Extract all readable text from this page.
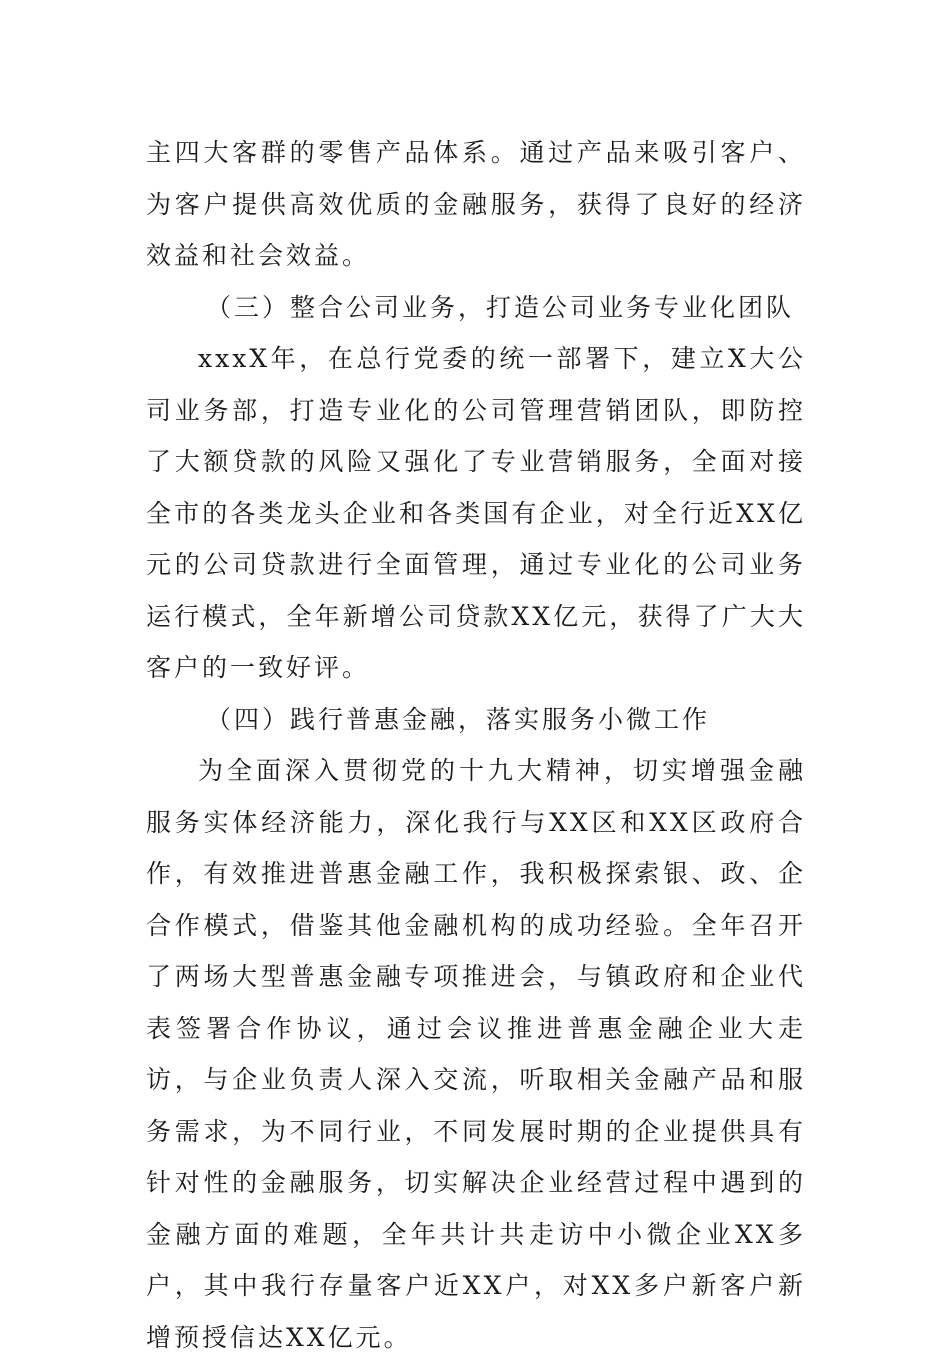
主四大客群的零售产品体系。通过产品来吸引客户、为客户提供高效优质的金融服务，获得了良好的经济效益和社会效益。

（三）整合公司业务，打造公司业务专业化团队

xxxX年，在总行党委的统一部署下，建立X大公司业务部，打造专业化的公司管理营销团队，即防控了大额贷款的风险又强化了专业营销服务，全面对接全市的各类龙头企业和各类国有企业，对全行近XX亿元的公司贷款进行全面管理，通过专业化的公司业务运行模式，全年新增公司贷款XX亿元，获得了广大大客户的一致好评。

（四）践行普惠金融，落实服务小微工作

为全面深入贯彻党的十九大精神，切实增强金融服务实体经济能力，深化我行与XX区和XX区政府合作，有效推进普惠金融工作，我积极探索银、政、企合作模式，借鉴其他金融机构的成功经验。全年召开了两场大型普惠金融专项推进会，与镇政府和企业代表签署合作协议，通过会议推进普惠金融企业大走访，与企业负责人深入交流，听取相关金融产品和服务需求，为不同行业，不同发展时期的企业提供具有针对性的金融服务，切实解决企业经营过程中遇到的金融方面的难题，全年共计共走访中小微企业XX多户，其中我行存量客户近XX户，对XX多户新客户新增预授信达XX亿元。
